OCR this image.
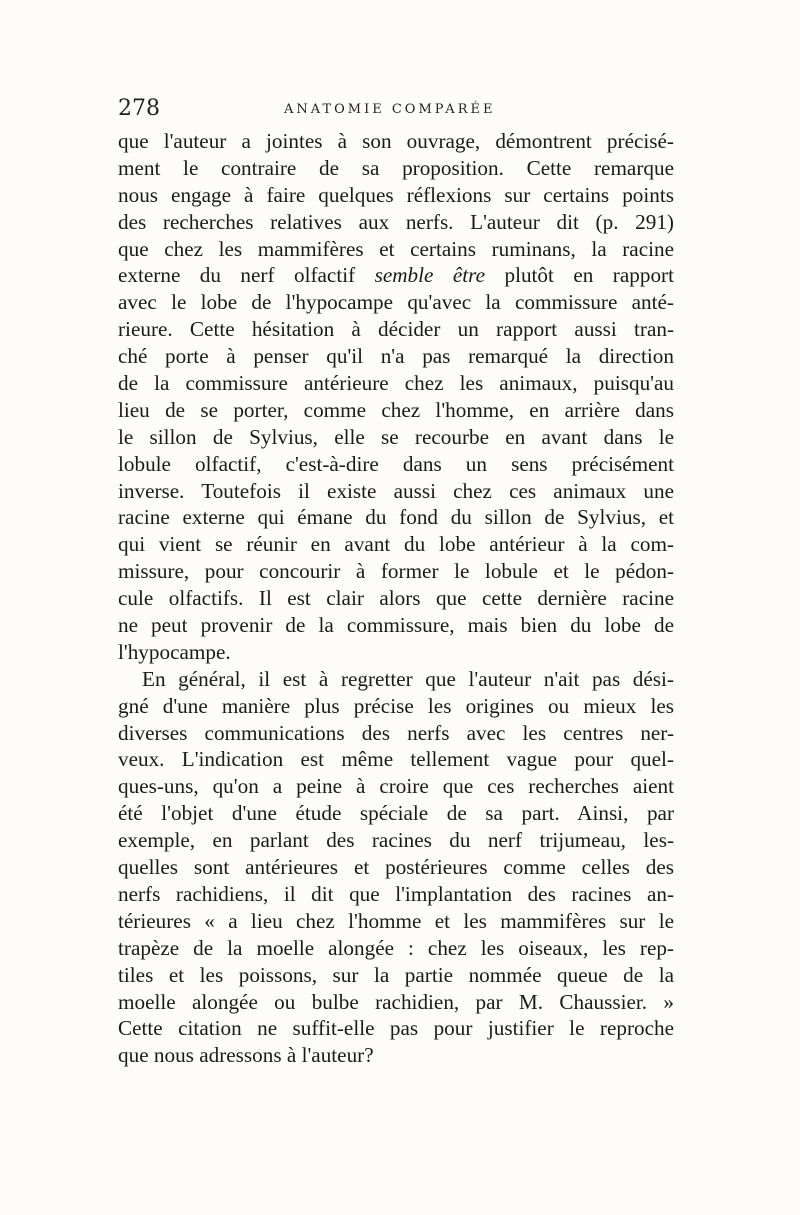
278	ANATOMIE COMPARÉE
que l'auteur a jointes à son ouvrage, démontrent précisé-
ment le contraire de sa proposition. Cette remarque
nous engage à faire quelques réflexions sur certains points
des recherches relatives aux nerfs. L'auteur dit (p. 291)
que chez les mammifères et certains ruminans, la racine
externe du nerf olfactif semble être plutôt en rapport
avec le lobe de l'hypocampe qu'avec la commissure anté-
rieure. Cette hésitation à décider un rapport aussi tran-
ché porte à penser qu'il n'a pas remarqué la direction
de la commissure antérieure chez les animaux, puisqu'au
lieu de se porter, comme chez l'homme, en arrière dans
le sillon de Sylvius, elle se recourbe en avant dans le
lobule olfactif, c'est-à-dire dans un sens précisément
inverse. Toutefois il existe aussi chez ces animaux une
racine externe qui émane du fond du sillon de Sylvius, et
qui vient se réunir en avant du lobe antérieur à la com-
missure, pour concourir à former le lobule et le pédon-
cule olfactifs. Il est clair alors que cette dernière racine
ne peut provenir de la commissure, mais bien du lobe de
l'hypocampe.
En général, il est à regretter que l'auteur n'ait pas dési-
gné d'une manière plus précise les origines ou mieux les
diverses communications des nerfs avec les centres ner-
veux. L'indication est même tellement vague pour quel-
ques-uns, qu'on a peine à croire que ces recherches aient
été l'objet d'une étude spéciale de sa part. Ainsi, par
exemple, en parlant des racines du nerf trijumeau, les-
quelles sont antérieures et postérieures comme celles des
nerfs rachidiens, il dit que l'implantation des racines an-
térieures « a lieu chez l'homme et les mammifères sur le
trapèze de la moelle alongée : chez les oiseaux, les rep-
tiles et les poissons, sur la partie nommée queue de la
moelle alongée ou bulbe rachidien, par M. Chaussier. »
Cette citation ne suffit-elle pas pour justifier le reproche
que nous adressons à l'auteur?
